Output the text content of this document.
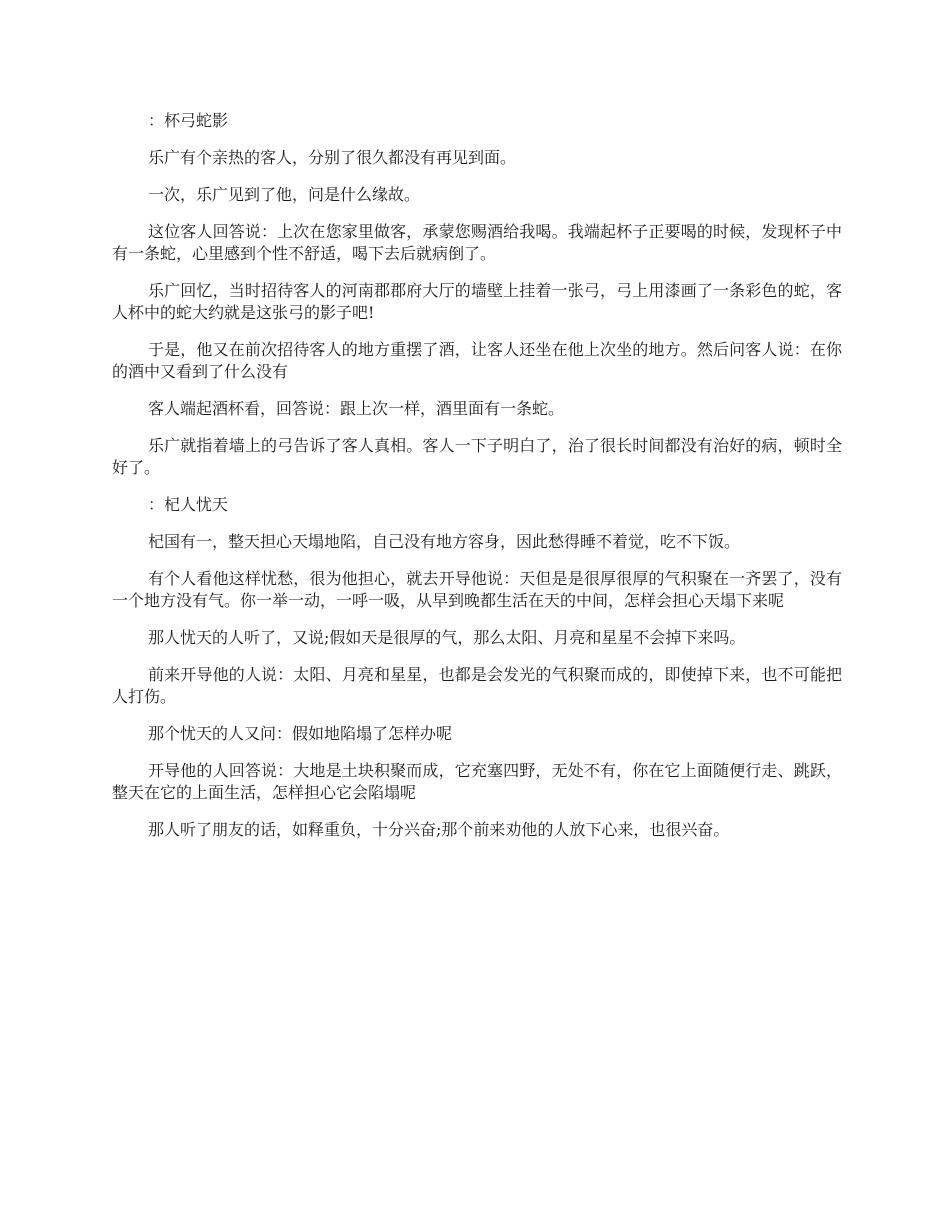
：杯弓蛇影

乐广有个亲热的客人，分别了很久都没有再见到面。

一次，乐广见到了他，问是什么缘故。

这位客人回答说：上次在您家里做客，承蒙您赐酒给我喝。我端起杯子正要喝的时候，发现杯子中有一条蛇，心里感到个性不舒适，喝下去后就病倒了。

乐广回忆，当时招待客人的河南郡郡府大厅的墙壁上挂着一张弓，弓上用漆画了一条彩色的蛇，客人杯中的蛇大约就是这张弓的影子吧!

于是，他又在前次招待客人的地方重摆了酒，让客人还坐在他上次坐的地方。然后问客人说：在你的酒中又看到了什么没有

客人端起酒杯看，回答说：跟上次一样，酒里面有一条蛇。

乐广就指着墙上的弓告诉了客人真相。客人一下子明白了，治了很长时间都没有治好的病，顿时全好了。

：杞人忧天

杞国有一，整天担心天塌地陷，自己没有地方容身，因此愁得睡不着觉，吃不下饭。

有个人看他这样忧愁，很为他担心，就去开导他说：天但是是很厚很厚的气积聚在一齐罢了，没有一个地方没有气。你一举一动，一呼一吸，从早到晚都生活在天的中间，怎样会担心天塌下来呢

那人忧天的人听了，又说;假如天是很厚的气，那么太阳、月亮和星星不会掉下来吗。

前来开导他的人说：太阳、月亮和星星，也都是会发光的气积聚而成的，即使掉下来，也不可能把人打伤。

那个忧天的人又问：假如地陷塌了怎样办呢

开导他的人回答说：大地是土块积聚而成，它充塞四野，无处不有，你在它上面随便行走、跳跃，整天在它的上面生活，怎样担心它会陷塌呢

那人听了朋友的话，如释重负，十分兴奋;那个前来劝他的人放下心来，也很兴奋。
